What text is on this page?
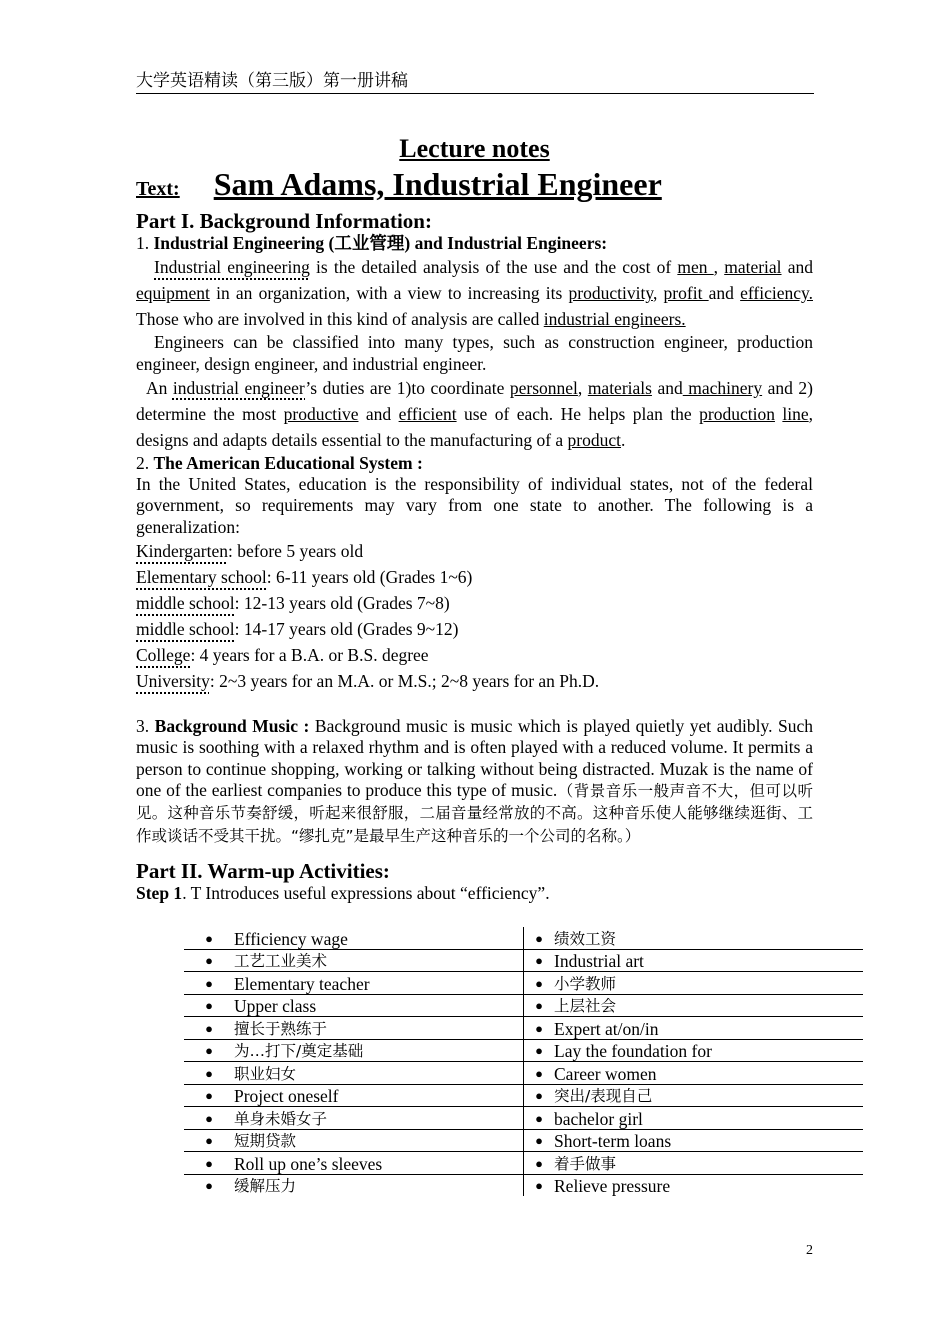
大学英语精读（第三版）第一册讲稿
Lecture notes
Text: Sam Adams, Industrial Engineer
Part I. Background Information:

1. Industrial Engineering (工业管理) and Industrial Engineers:

Industrial engineering is the detailed analysis of the use and the cost of men , material and equipment in an organization, with a view to increasing its productivity, profit and efficiency. Those who are involved in this kind of analysis are called industrial engineers.

Engineers can be classified into many types, such as construction engineer, production engineer, design engineer, and industrial engineer.

An industrial engineer’s duties are 1)to coordinate personnel, materials and machinery and 2) determine the most productive and efficient use of each. He helps plan the production line, designs and adapts details essential to the manufacturing of a product.

2. The American Educational System :

In the United States, education is the responsibility of individual states, not of the federal government, so requirements may vary from one state to another. The following is a generalization:

Kindergarten: before 5 years old

Elementary school: 6-11 years old (Grades 1~6)

middle school: 12-13 years old (Grades 7~8)

middle school: 14-17 years old (Grades 9~12)

College: 4 years for a B.A. or B.S. degree

University: 2~3 years for an M.A. or M.S.; 2~8 years for an Ph.D.

3. Background Music : Background music is music which is played quietly yet audibly. Such music is soothing with a relaxed rhythm and is often played with a reduced volume. It permits a person to continue shopping, working or talking without being distracted. Muzak is the name of one of the earliest companies to produce this type of music.（背景音乐一般声音不大，但可以听见。这种音乐节奏舒缓，听起来很舒服，二届音量经常放的不高。这种音乐使人能够继续逛街、工作或谈话不受其干扰。“缪扎克”是最早生产这种音乐的一个公司的名称。）

Part II. Warm-up Activities:

Step 1. T Introduces useful expressions about “efficiency”.

●	Efficiency wage	●	绩效工资
●	工艺工业美术	●	Industrial art
●	Elementary teacher	●	小学教师
●	Upper class	●	上层社会
●	擅长于熟练于	●	Expert at/on/in
●	为…打下/奠定基础	●	Lay the foundation for
●	职业妇女	●	Career women
●	Project oneself	●	突出/表现自己
●	单身未婚女子	●	bachelor girl
●	短期贷款	●	Short-term loans
●	Roll up one’s sleeves	●	着手做事
●	缓解压力	●	Relieve pressure
2
